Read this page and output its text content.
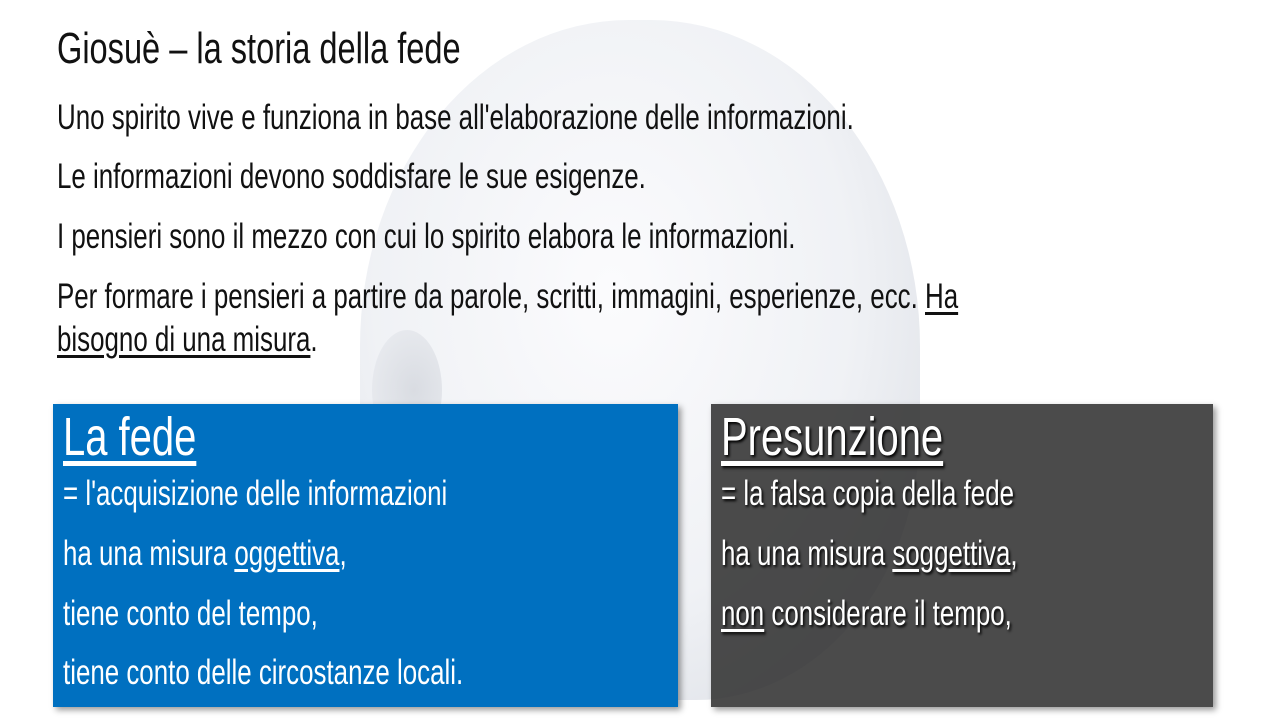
Giosuè – la storia della fede
Uno spirito vive e funziona in base all'elaborazione delle informazioni.
Le informazioni devono soddisfare le sue esigenze.
I pensieri sono il mezzo con cui lo spirito elabora le informazioni.
Per formare i pensieri a partire da parole, scritti, immagini, esperienze, ecc. Ha
bisogno di una misura.
La fede
= l'acquisizione delle informazioni
ha una misura oggettiva,
tiene conto del tempo,
tiene conto delle circostanze locali.
Presunzione
= la falsa copia della fede
ha una misura soggettiva,
non considerare il tempo,
